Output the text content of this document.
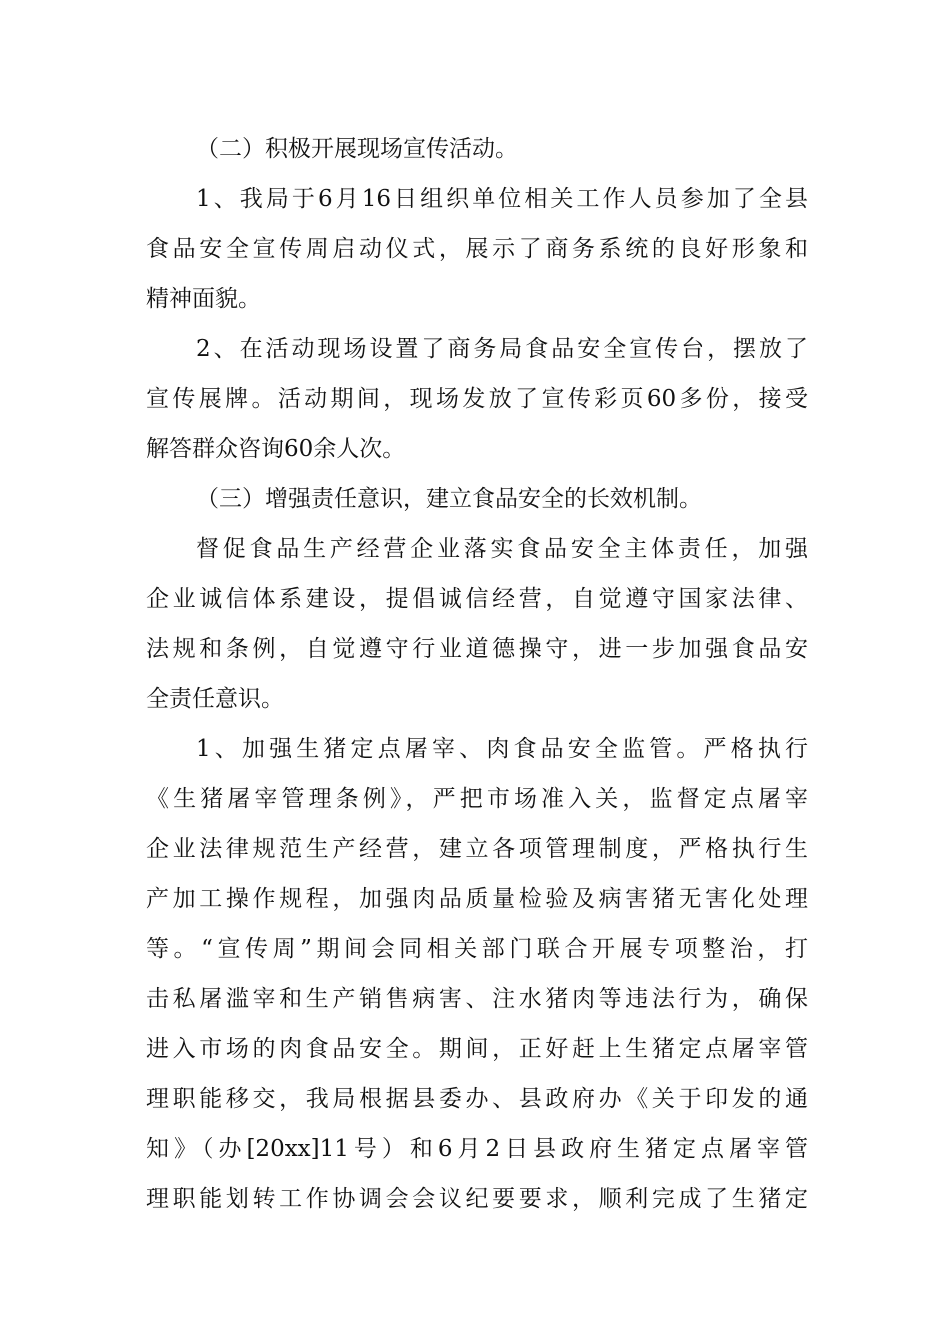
（二）积极开展现场宣传活动。
1、我局于6月16日组织单位相关工作人员参加了全县
食品安全宣传周启动仪式，展示了商务系统的良好形象和
精神面貌。
2、在活动现场设置了商务局食品安全宣传台，摆放了
宣传展牌。活动期间，现场发放了宣传彩页60多份，接受
解答群众咨询60余人次。
（三）增强责任意识，建立食品安全的长效机制。
督促食品生产经营企业落实食品安全主体责任，加强
企业诚信体系建设，提倡诚信经营，自觉遵守国家法律、
法规和条例，自觉遵守行业道德操守，进一步加强食品安
全责任意识。
1、加强生猪定点屠宰、肉食品安全监管。严格执行
《生猪屠宰管理条例》，严把市场准入关，监督定点屠宰
企业法律规范生产经营，建立各项管理制度，严格执行生
产加工操作规程，加强肉品质量检验及病害猪无害化处理
等。“宣传周”期间会同相关部门联合开展专项整治，打
击私屠滥宰和生产销售病害、注水猪肉等违法行为，确保
进入市场的肉食品安全。期间，正好赶上生猪定点屠宰管
理职能移交，我局根据县委办、县政府办《关于印发的通
知》（办[20xx]11号）和6月2日县政府生猪定点屠宰管
理职能划转工作协调会会议纪要要求，顺利完成了生猪定
